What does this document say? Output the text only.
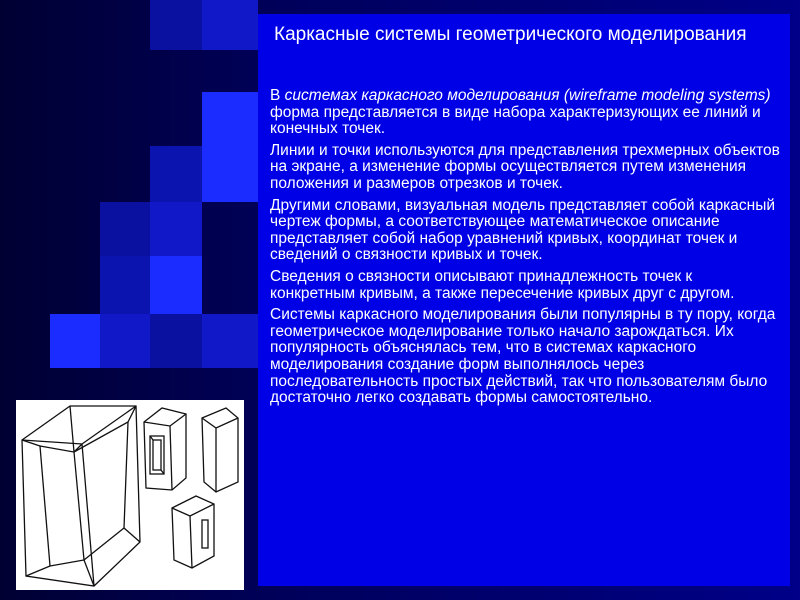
Каркасные системы геометрического моделирования

В системах каркасного моделирования (wireframe modeling systems) форма представляется в виде набора характеризующих ее линий и конечных точек.

Линии и точки используются для представления трехмерных объектов на экране, а изменение формы осуществляется путем изменения положения и размеров отрезков и точек.

Другими словами, визуальная модель представляет собой каркасный чертеж формы, а соответствующее математическое описание представляет собой набор уравнений кривых, координат точек и сведений о связности кривых и точек.

Сведения о связности описывают принадлежность точек к конкретным кривым, а также пересечение кривых друг с другом.

Системы каркасного моделирования были популярны в ту пору, когда геометрическое моделирование только начало зарождаться. Их популярность объяснялась тем, что в системах каркасного моделирования создание форм выполнялось через последовательность простых действий, так что пользователям было достаточно легко создавать формы самостоятельно.
